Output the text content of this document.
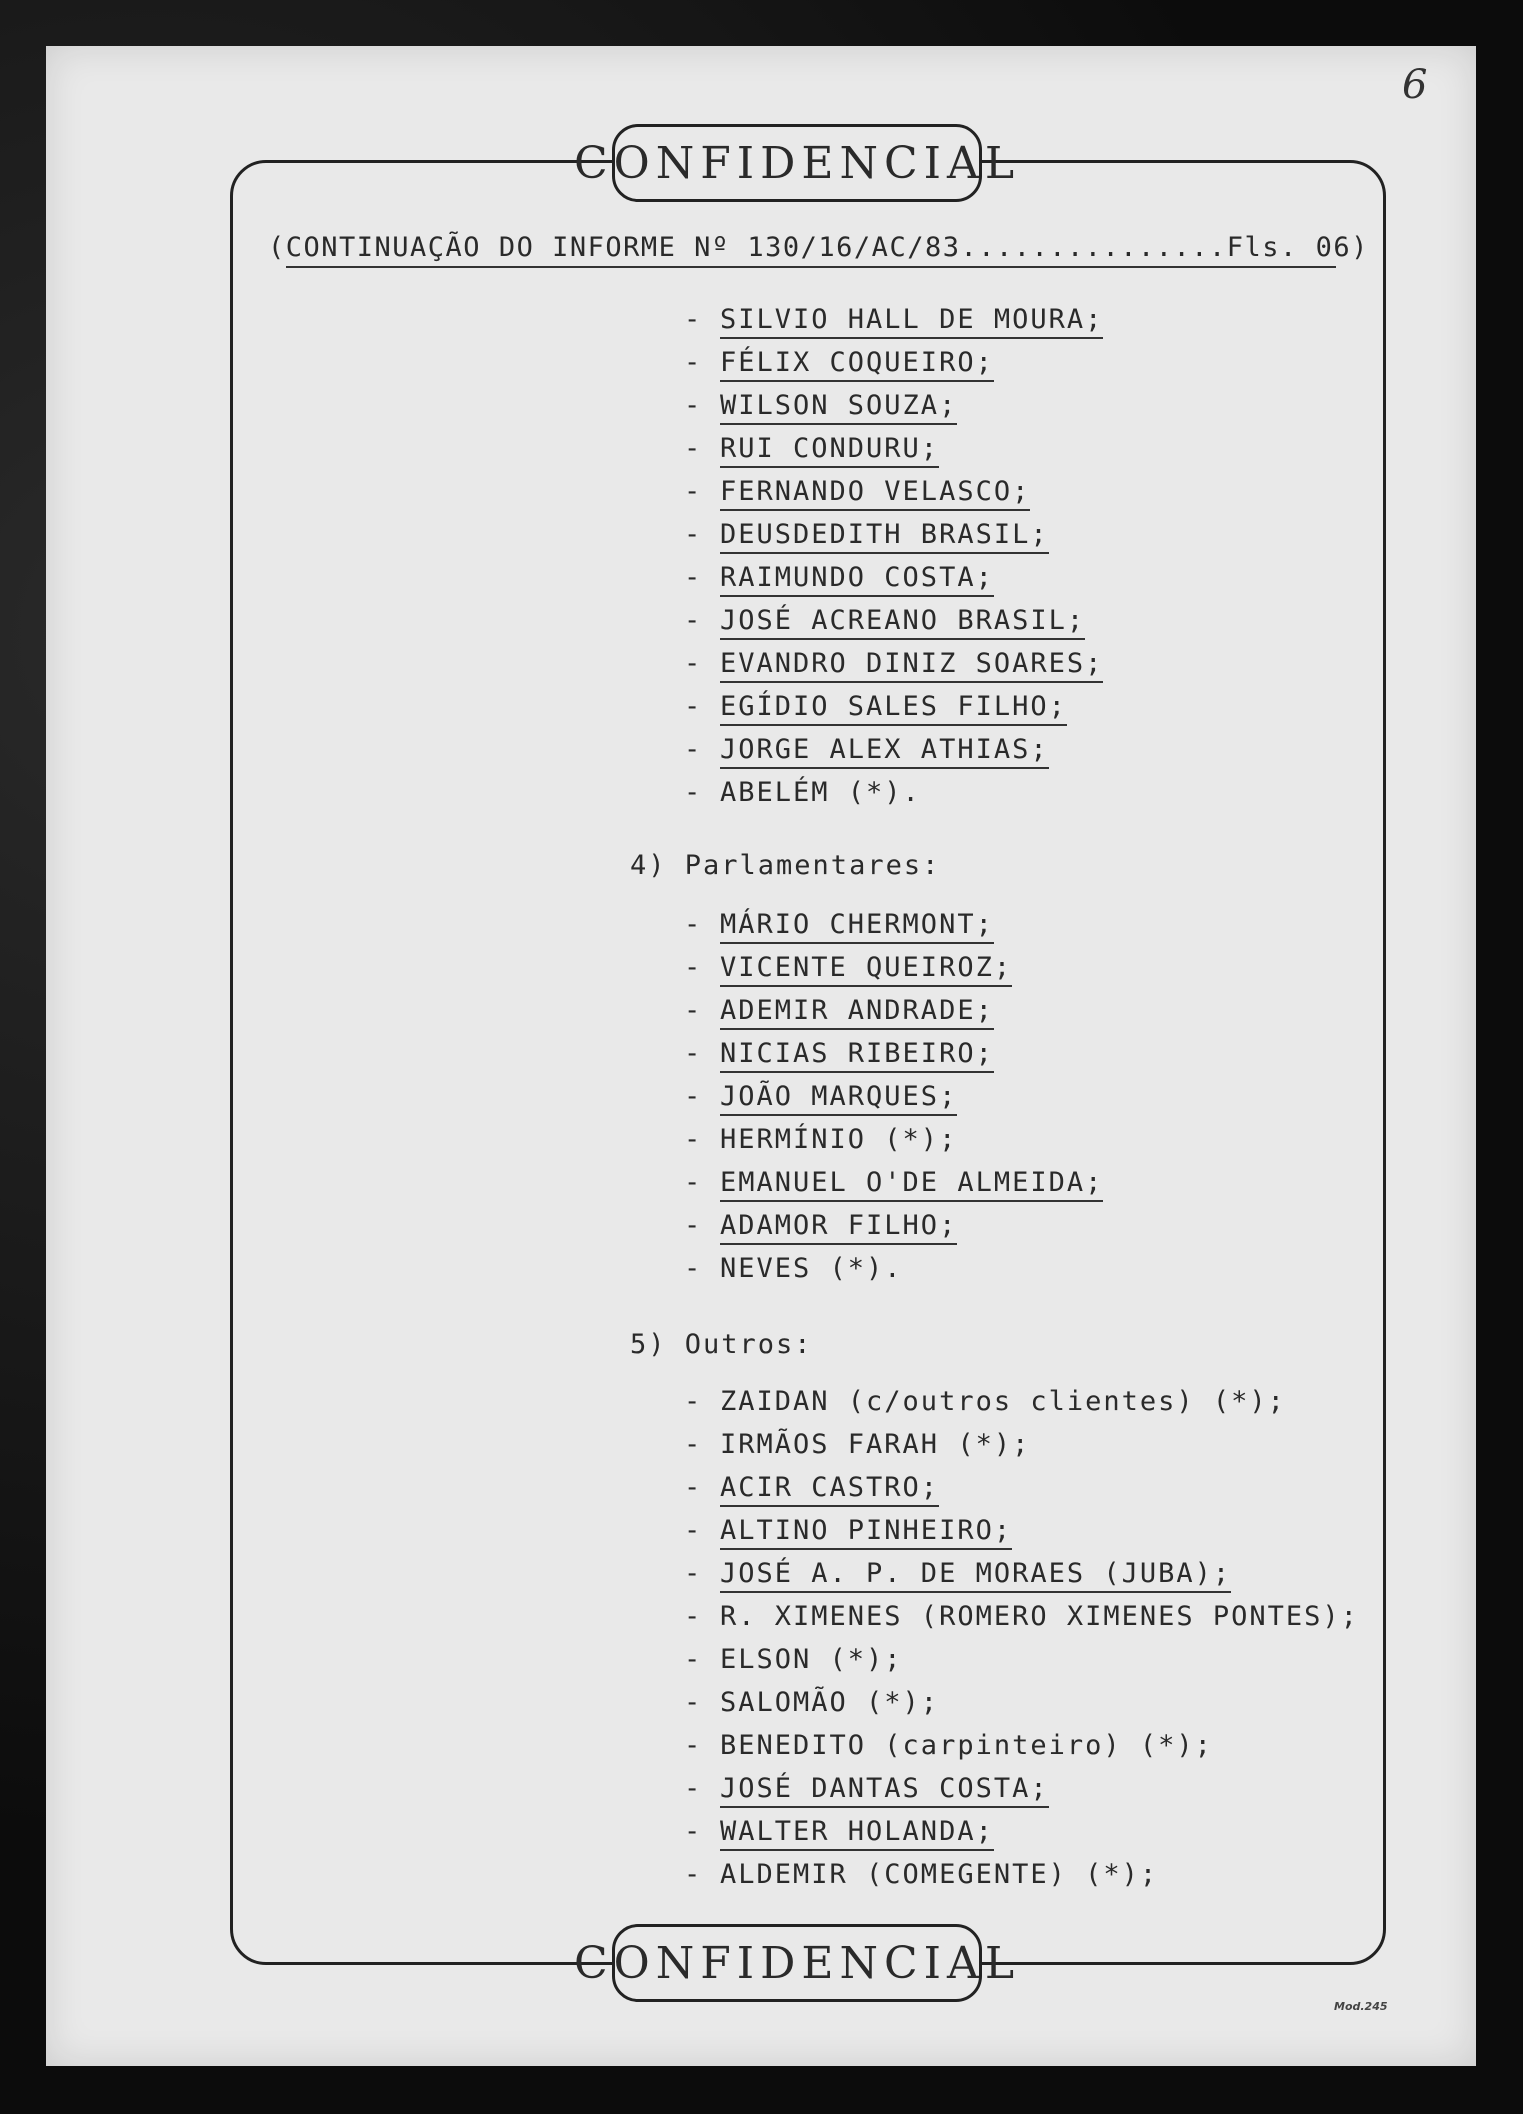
6
CONFIDENCIAL
(CONTINUAÇÃO DO INFORME Nº 130/16/AC/83...............Fls. 06)
- SILVIO HALL DE MOURA;
- FÉLIX COQUEIRO;
- WILSON SOUZA;
- RUI CONDURU;
- FERNANDO VELASCO;
- DEUSDEDITH BRASIL;
- RAIMUNDO COSTA;
- JOSÉ ACREANO BRASIL;
- EVANDRO DINIZ SOARES;
- EGÍDIO SALES FILHO;
- JORGE ALEX ATHIAS;
- ABELÉM (*).
4) Parlamentares:
- MÁRIO CHERMONT;
- VICENTE QUEIROZ;
- ADEMIR ANDRADE;
- NICIAS RIBEIRO;
- JOÃO MARQUES;
- HERMÍNIO (*);
- EMANUEL O'DE ALMEIDA;
- ADAMOR FILHO;
- NEVES (*).
5) Outros:
- ZAIDAN (c/outros clientes) (*);
- IRMÃOS FARAH (*);
- ACIR CASTRO;
- ALTINO PINHEIRO;
- JOSÉ A. P. DE MORAES (JUBA);
- R. XIMENES (ROMERO XIMENES PONTES);
- ELSON (*);
- SALOMÃO (*);
- BENEDITO (carpinteiro) (*);
- JOSÉ DANTAS COSTA;
- WALTER HOLANDA;
- ALDEMIR (COMEGENTE) (*);
CONFIDENCIAL
Mod.245
